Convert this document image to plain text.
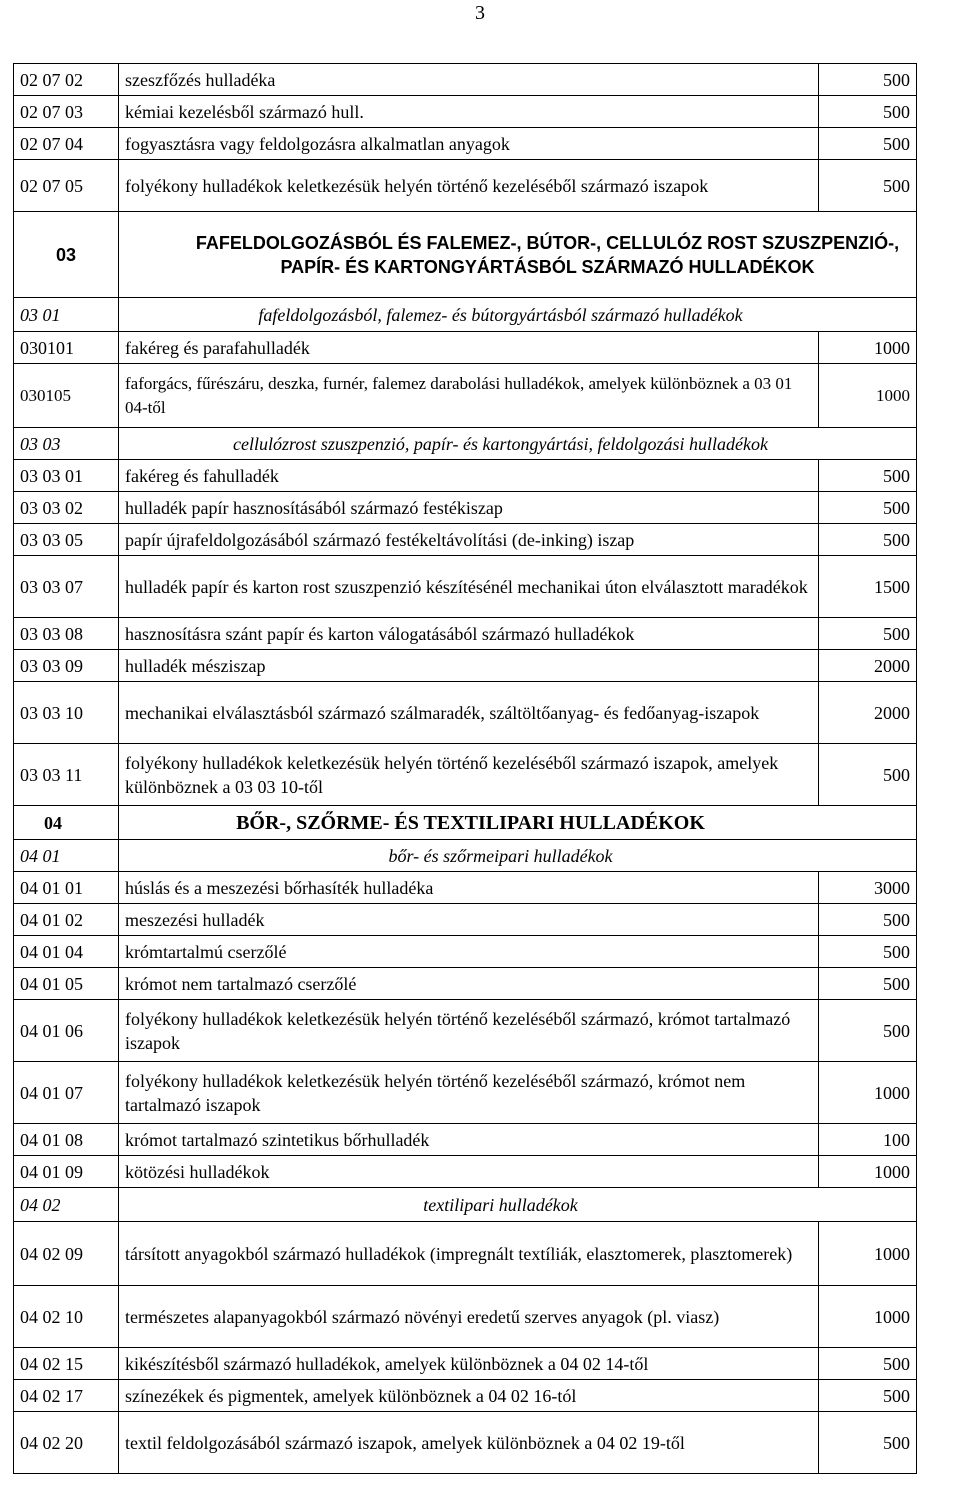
3
02 07 02	szeszfőzés hulladéka	500
02 07 03	kémiai kezelésből származó hull.	500
02 07 04	fogyasztásra vagy feldolgozásra alkalmatlan anyagok	500
02 07 05	folyékony hulladékok keletkezésük helyén történő kezeléséből származó iszapok	500
03	FAFELDOLGOZÁSBÓL ÉS FALEMEZ-, BÚTOR-, CELLULÓZ ROST SZUSZPENZIÓ-, PAPÍR- ÉS KARTONGYÁRTÁSBÓL SZÁRMAZÓ HULLADÉKOK	
03 01	fafeldolgozásból, falemez- és bútorgyártásból származó hulladékok	
030101	fakéreg és parafahulladék	1000
030105	faforgács, fűrészáru, deszka, furnér, falemez darabolási hulladékok, amelyek különböznek a 03 01 04-től	1000
03 03	cellulózrost szuszpenzió, papír- és kartongyártási, feldolgozási hulladékok	
03 03 01	fakéreg és fahulladék	500
03 03 02	hulladék papír hasznosításából származó festékiszap	500
03 03 05	papír újrafeldolgozásából származó festékeltávolítási (de-inking) iszap	500
03 03 07	hulladék papír és karton rost szuszpenzió készítésénél mechanikai úton elválasztott maradékok	1500
03 03 08	hasznosításra szánt papír és karton válogatásából származó hulladékok	500
03 03 09	hulladék mésziszap	2000
03 03 10	mechanikai elválasztásból származó szálmaradék, száltöltőanyag- és fedőanyag-iszapok	2000
03 03 11	folyékony hulladékok keletkezésük helyén történő kezeléséből származó iszapok, amelyek különböznek a 03 03 10-től	500
04	BŐR-, SZŐRME- ÉS TEXTILIPARI HULLADÉKOK	
04 01	bőr- és szőrmeipari hulladékok	
04 01 01	húslás és a meszezési bőrhasíték hulladéka	3000
04 01 02	meszezési hulladék	500
04 01 04	krómtartalmú cserzőlé	500
04 01 05	krómot nem tartalmazó cserzőlé	500
04 01 06	folyékony hulladékok keletkezésük helyén történő kezeléséből származó, krómot tartalmazó iszapok	500
04 01 07	folyékony hulladékok keletkezésük helyén történő kezeléséből származó, krómot nem tartalmazó iszapok	1000
04 01 08	krómot tartalmazó szintetikus bőrhulladék	100
04 01 09	kötözési hulladékok	1000
04 02	textilipari hulladékok	
04 02 09	társított anyagokból származó hulladékok (impregnált textíliák, elasztomerek, plasztomerek)	1000
04 02 10	természetes alapanyagokból származó növényi eredetű szerves anyagok (pl. viasz)	1000
04 02 15	kikészítésből származó hulladékok, amelyek különböznek a 04 02 14-től	500
04 02 17	színezékek és pigmentek, amelyek különböznek a 04 02 16-tól	500
04 02 20	textil feldolgozásából származó iszapok, amelyek különböznek a 04 02 19-től	500
